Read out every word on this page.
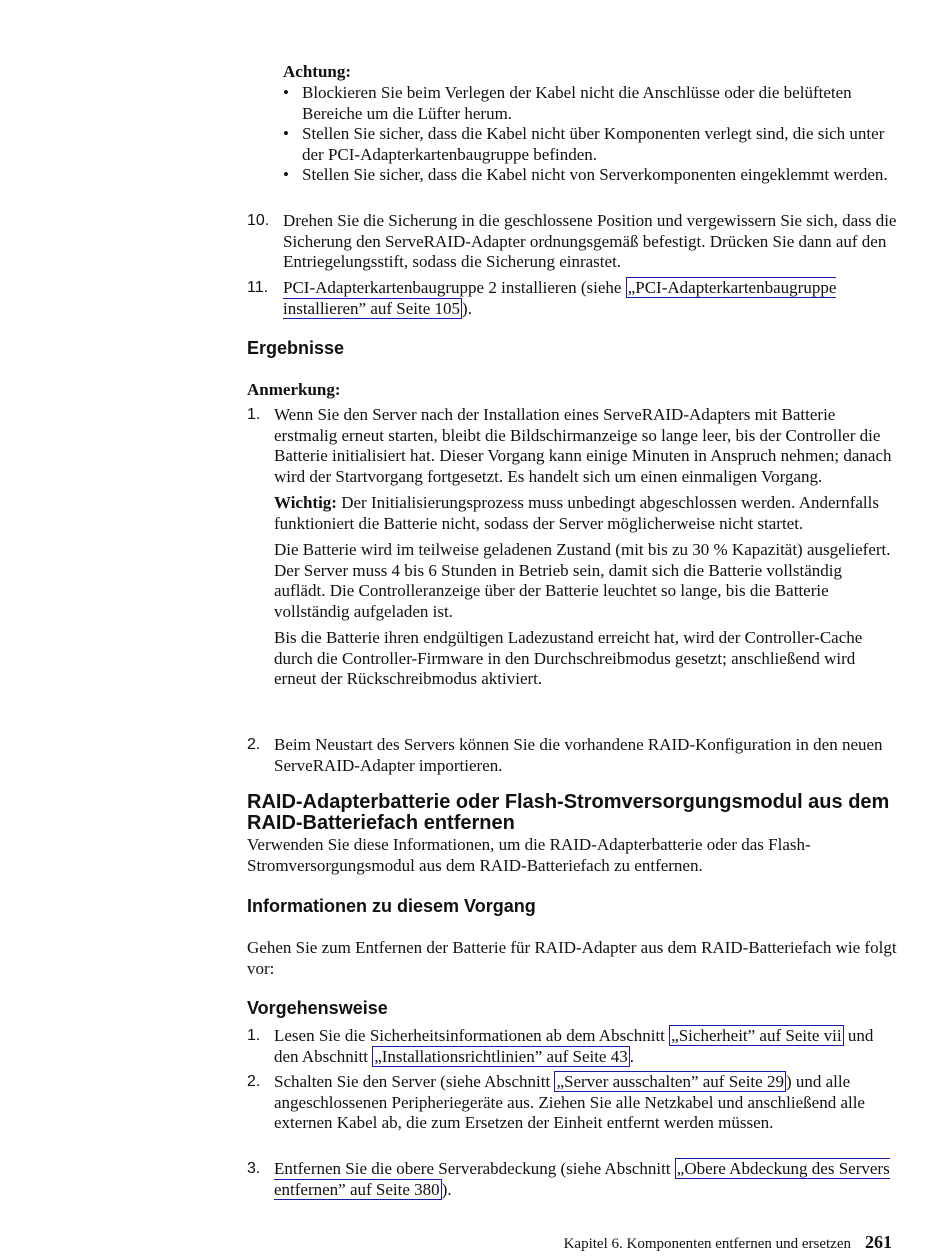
Achtung:
• Blockieren Sie beim Verlegen der Kabel nicht die Anschlüsse oder die belüfteten Bereiche um die Lüfter herum.

• Stellen Sie sicher, dass die Kabel nicht über Komponenten verlegt sind, die sich unter der PCI-Adapterkartenbaugruppe befinden.

• Stellen Sie sicher, dass die Kabel nicht von Serverkomponenten eingeklemmt werden.

10. Drehen Sie die Sicherung in die geschlossene Position und vergewissern Sie sich, dass die Sicherung den ServeRAID-Adapter ordnungsgemäß befestigt. Drücken Sie dann auf den Entriegelungsstift, sodass die Sicherung einrastet.

11. PCI-Adapterkartenbaugruppe 2 installieren (siehe „PCI-Adapterkartenbaugruppe installieren” auf Seite 105 ).

Ergebnisse
Anmerkung:
1. Wenn Sie den Server nach der Installation eines ServeRAID-Adapters mit Batterie erstmalig erneut starten, bleibt die Bildschirmanzeige so lange leer, bis der Controller die Batterie initialisiert hat. Dieser Vorgang kann einige Minuten in Anspruch nehmen; danach wird der Startvorgang fortgesetzt. Es handelt sich um einen einmaligen Vorgang.

Wichtig: Der Initialisierungsprozess muss unbedingt abgeschlossen werden. Andernfalls funktioniert die Batterie nicht, sodass der Server möglicherweise nicht startet.

Die Batterie wird im teilweise geladenen Zustand (mit bis zu 30 % Kapazität) ausgeliefert. Der Server muss 4 bis 6 Stunden in Betrieb sein, damit sich die Batterie vollständig auflädt. Die Controlleranzeige über der Batterie leuchtet so lange, bis die Batterie vollständig aufgeladen ist.

Bis die Batterie ihren endgültigen Ladezustand erreicht hat, wird der Controller-Cache durch die Controller-Firmware in den Durchschreibmodus gesetzt; anschließend wird erneut der Rückschreibmodus aktiviert.

2. Beim Neustart des Servers können Sie die vorhandene RAID-Konfiguration in den neuen ServeRAID-Adapter importieren.

RAID-Adapterbatterie oder Flash-Stromversorgungsmodul aus dem RAID-Batteriefach entfernen

Verwenden Sie diese Informationen, um die RAID-Adapterbatterie oder das Flash-Stromversorgungsmodul aus dem RAID-Batteriefach zu entfernen.

Informationen zu diesem Vorgang

Gehen Sie zum Entfernen der Batterie für RAID-Adapter aus dem RAID-Batteriefach wie folgt vor:

Vorgehensweise
1. Lesen Sie die Sicherheitsinformationen ab dem Abschnitt „Sicherheit” auf Seite vii und den Abschnitt „Installationsrichtlinien” auf Seite 43 .

2. Schalten Sie den Server (siehe Abschnitt „Server ausschalten” auf Seite 29 ) und alle angeschlossenen Peripheriegeräte aus. Ziehen Sie alle Netzkabel und anschließend alle externen Kabel ab, die zum Ersetzen der Einheit entfernt werden müssen.

3. Entfernen Sie die obere Serverabdeckung (siehe Abschnitt „Obere Abdeckung des Servers entfernen” auf Seite 380 ).

Kapitel 6. Komponenten entfernen und ersetzen 261
